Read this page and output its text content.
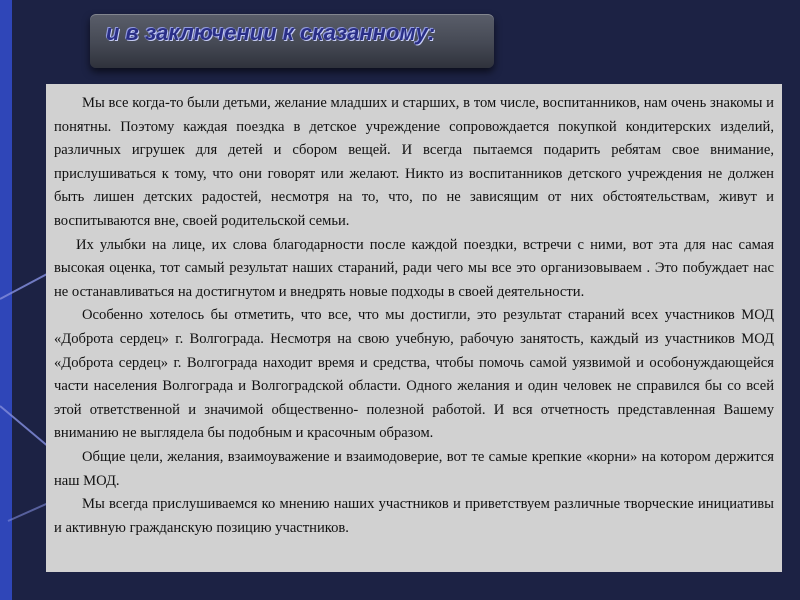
и в заключении к сказанному:

Мы все когда-то были детьми, желание младших и старших, в том числе, воспитанников, нам очень знакомы и понятны. Поэтому каждая поездка в детское учреждение сопровождается покупкой кондитерских изделий, различных игрушек для детей и сбором вещей. И всегда пытаемся подарить ребятам свое внимание, прислушиваться к тому, что они говорят или желают. Никто из воспитанников детского учреждения не должен быть лишен детских радостей, несмотря на то, что, по не зависящим от них обстоятельствам, живут и воспитываются вне, своей родительской семьи.

Их улыбки на лице, их слова благодарности после каждой поездки, встречи с ними, вот эта для нас самая высокая оценка, тот самый результат наших стараний, ради чего мы все это организовываем . Это побуждает нас не останавливаться на достигнутом и внедрять новые подходы в своей деятельности.

Особенно хотелось бы отметить, что все, что мы достигли, это результат стараний всех участников МОД «Доброта сердец» г. Волгограда. Несмотря на свою учебную, рабочую занятость, каждый из участников МОД «Доброта сердец» г. Волгограда находит время и средства, чтобы помочь самой уязвимой и особонуждающейся части населения Волгограда и Волгоградской области. Одного желания и один человек не справился бы со всей этой ответственной и значимой общественно- полезной работой. И вся отчетность представленная Вашему вниманию не выглядела бы подобным и красочным образом.

Общие цели, желания, взаимоуважение и взаимодоверие, вот те самые крепкие «корни» на котором держится наш МОД.

Мы всегда прислушиваемся ко мнению наших участников и приветствуем различные творческие инициативы и активную гражданскую позицию участников.
